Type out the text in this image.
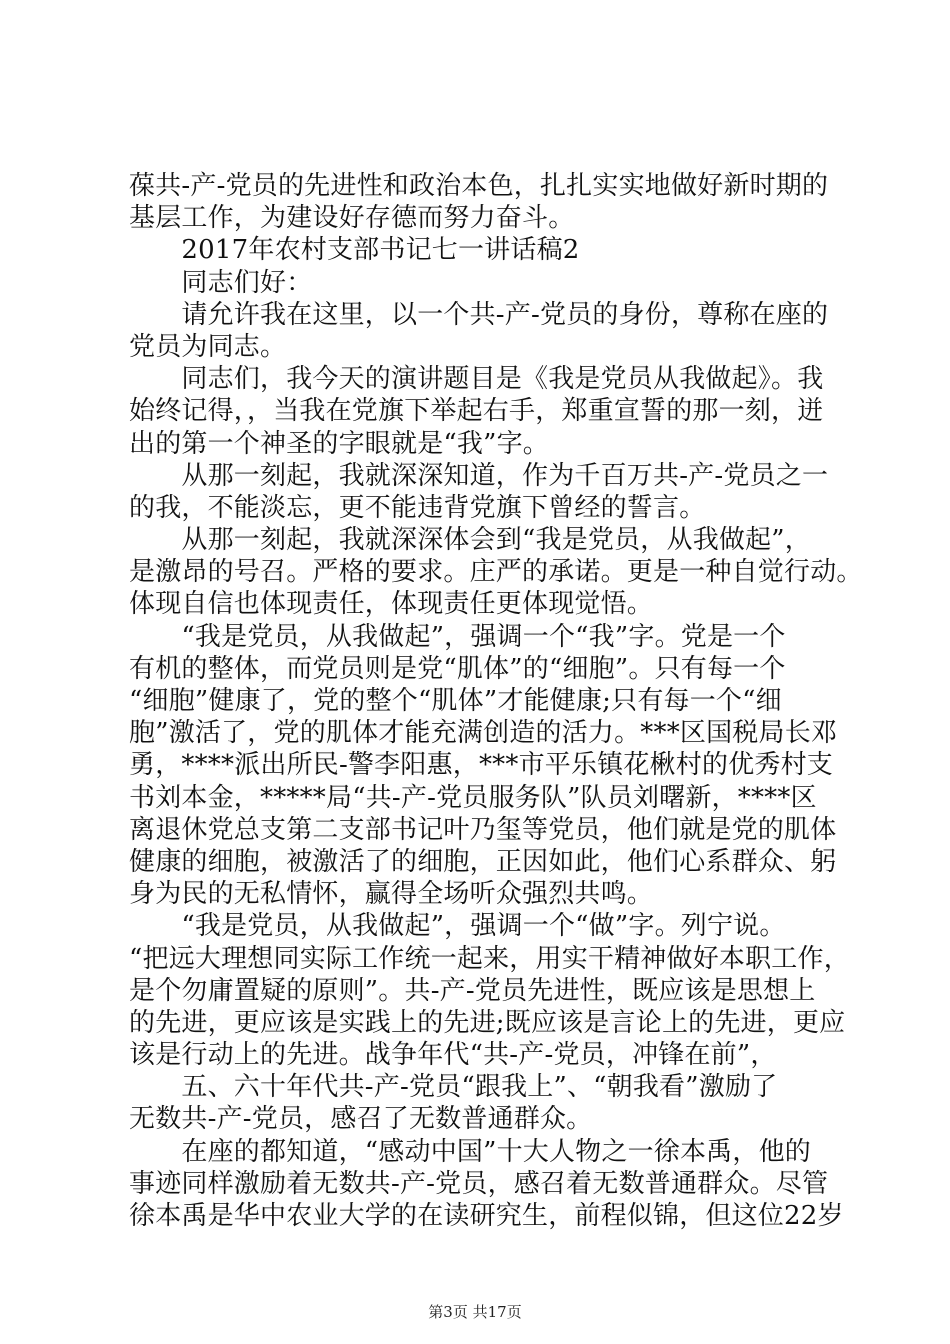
葆共-产-党员的先进性和政治本色，扎扎实实地做好新时期的
基层工作，为建设好存德而努力奋斗。
　　2017年农村支部书记七一讲话稿2
　　同志们好：
　　请允许我在这里，以一个共-产-党员的身份，尊称在座的
党员为同志。
　　同志们，我今天的演讲题目是《我是党员从我做起》。我
始终记得，，当我在党旗下举起右手，郑重宣誓的那一刻，迸
出的第一个神圣的字眼就是“我”字。
　　从那一刻起，我就深深知道，作为千百万共-产-党员之一
的我，不能淡忘，更不能违背党旗下曾经的誓言。
　　从那一刻起，我就深深体会到“我是党员，从我做起”，
是激昂的号召。严格的要求。庄严的承诺。更是一种自觉行动。
体现自信也体现责任，体现责任更体现觉悟。
　　“我是党员，从我做起”，强调一个“我”字。党是一个
有机的整体，而党员则是党“肌体”的“细胞”。只有每一个
“细胞”健康了，党的整个“肌体”才能健康;只有每一个“细
胞”激活了，党的肌体才能充满创造的活力。***区国税局长邓
勇，****派出所民-警李阳惠，***市平乐镇花楸村的优秀村支
书刘本金，*****局“共-产-党员服务队”队员刘曙新，****区
离退休党总支第二支部书记叶乃玺等党员，他们就是党的肌体
健康的细胞，被激活了的细胞，正因如此，他们心系群众、躬
身为民的无私情怀，赢得全场听众强烈共鸣。
　　“我是党员，从我做起”，强调一个“做”字。列宁说。
“把远大理想同实际工作统一起来，用实干精神做好本职工作，
是个勿庸置疑的原则”。共-产-党员先进性，既应该是思想上
的先进，更应该是实践上的先进;既应该是言论上的先进，更应
该是行动上的先进。战争年代“共-产-党员，冲锋在前”，
　　五、六十年代共-产-党员“跟我上”、“朝我看”激励了
无数共-产-党员，感召了无数普通群众。
　　在座的都知道，“感动中国”十大人物之一徐本禹，他的
事迹同样激励着无数共-产-党员，感召着无数普通群众。尽管
徐本禹是华中农业大学的在读研究生，前程似锦，但这位22岁
第3页 共17页
